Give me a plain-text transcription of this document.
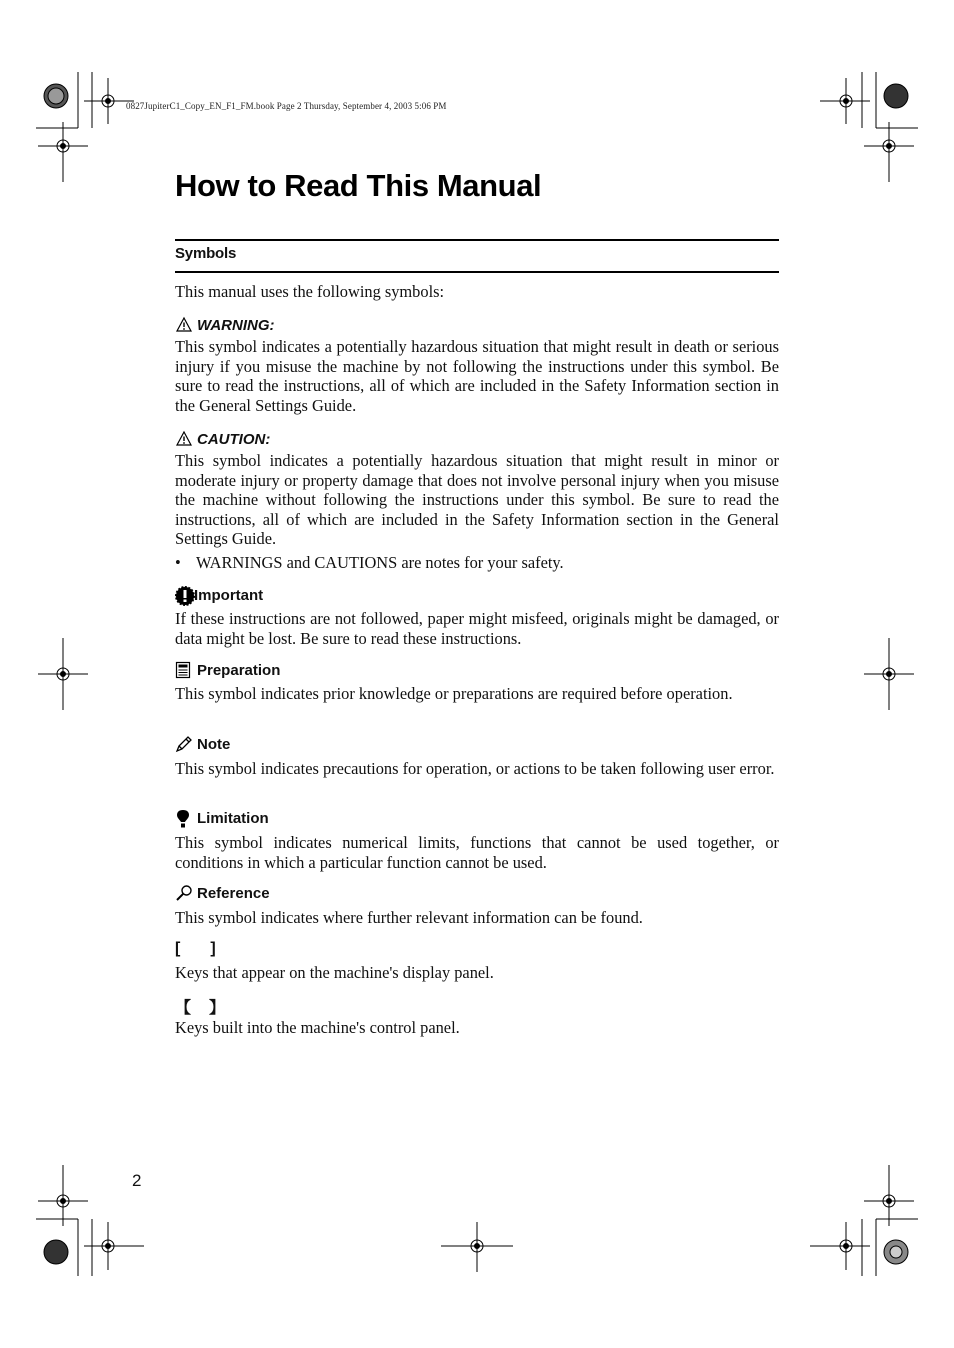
0827JupiterC1_Copy_EN_F1_FM.book Page 2 Thursday, September 4, 2003 5:06 PM
How to Read This Manual
Symbols
This manual uses the following symbols:
WARNING:

This symbol indicates a potentially hazardous situation that might result in death or serious injury if you misuse the machine by not following the instructions under this symbol. Be sure to read the instructions, all of which are included in the Safety Information section in the General Settings Guide.

CAUTION:

This symbol indicates a potentially hazardous situation that might result in minor or moderate injury or property damage that does not involve personal injury when you misuse the machine without following the instructions under this symbol. Be sure to read the instructions, all of which are included in the Safety Information section in the General Settings Guide.

• WARNINGS and CAUTIONS are notes for your safety.
Important

If these instructions are not followed, paper might misfeed, originals might be damaged, or data might be lost. Be sure to read these instructions.

Preparation

This symbol indicates prior knowledge or preparations are required before operation.

Note

This symbol indicates precautions for operation, or actions to be taken following user error.

Limitation

This symbol indicates numerical limits, functions that cannot be used together, or conditions in which a particular function cannot be used.

Reference

This symbol indicates where further relevant information can be found.

[ ]

Keys that appear on the machine's display panel.

【 】

Keys built into the machine's control panel.

2
